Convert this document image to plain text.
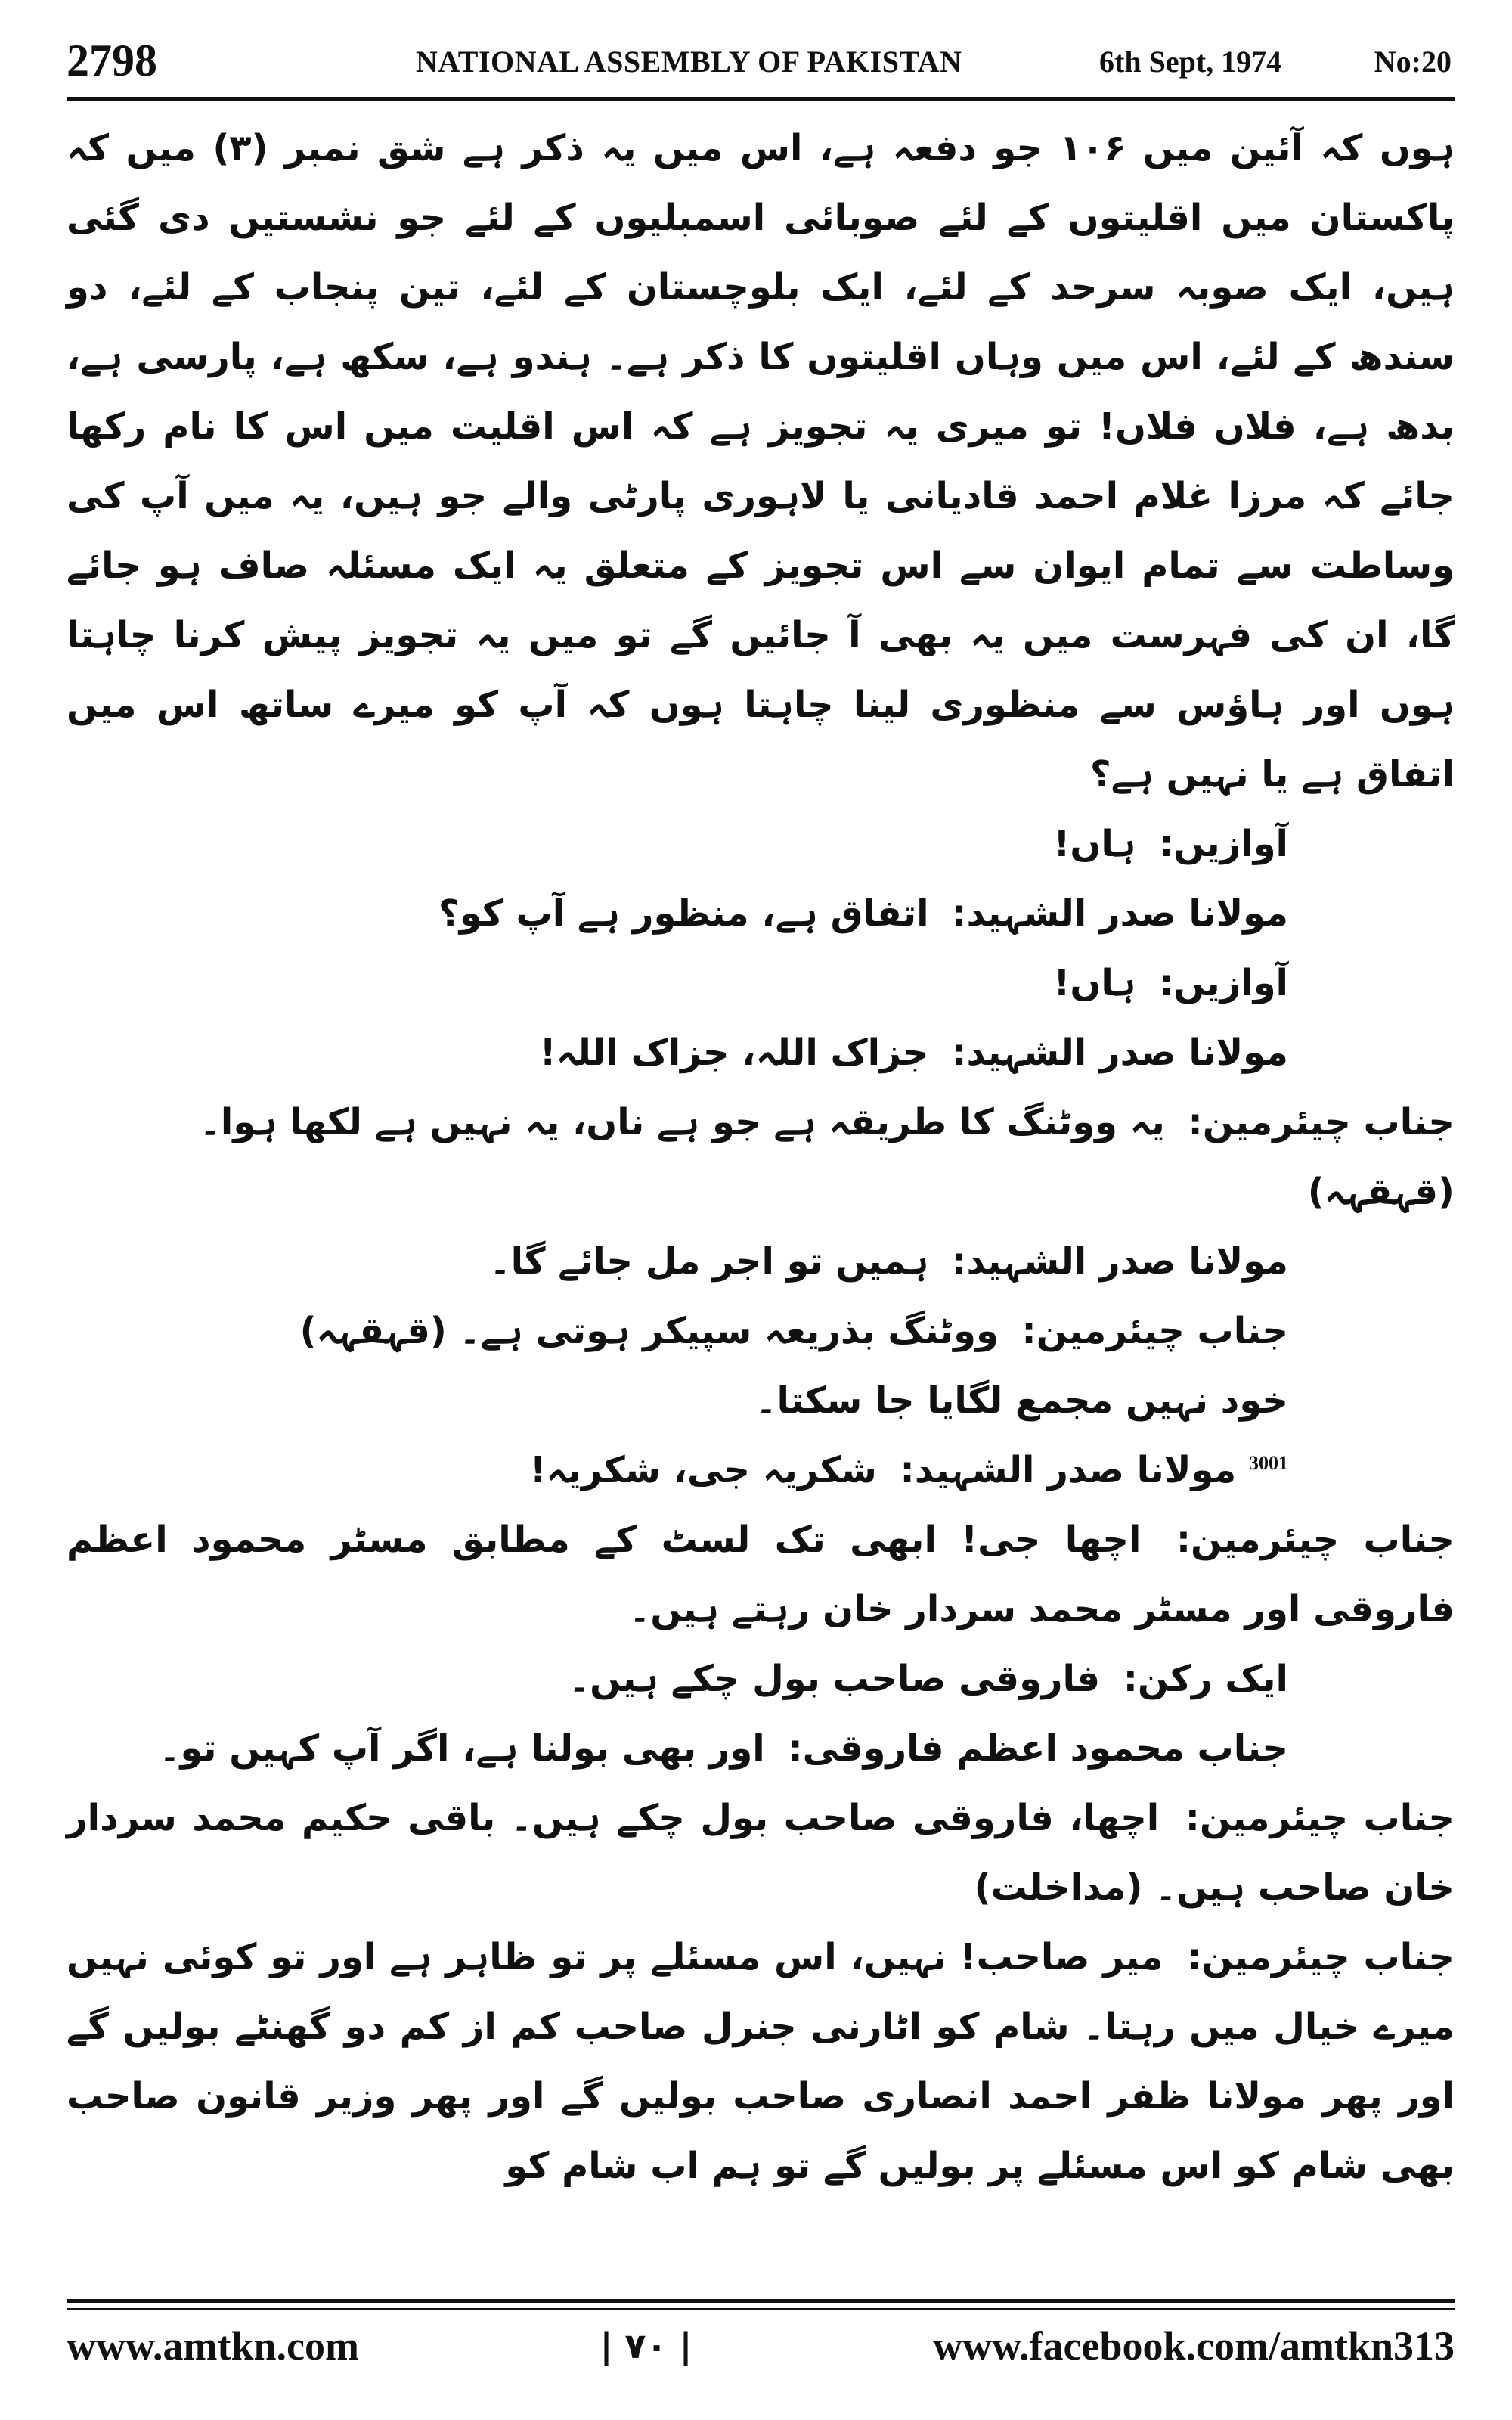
2798	NATIONAL ASSEMBLY OF PAKISTAN	6th Sept, 1974	No:20

ہوں کہ آئین میں ۱۰۶ جو دفعہ ہے، اس میں یہ ذکر ہے شق نمبر (۳) میں کہ پاکستان میں اقلیتوں کے لئے صوبائی اسمبلیوں کے لئے جو نشستیں دی گئی ہیں، ایک صوبہ سرحد کے لئے، ایک بلوچستان کے لئے، تین پنجاب کے لئے، دو سندھ کے لئے، اس میں وہاں اقلیتوں کا ذکر ہے۔ ہندو ہے، سکھ ہے، پارسی ہے، بدھ ہے، فلاں فلاں! تو میری یہ تجویز ہے کہ اس اقلیت میں اس کا نام رکھا جائے کہ مرزا غلام احمد قادیانی یا لاہوری پارٹی والے جو ہیں، یہ میں آپ کی وساطت سے تمام ایوان سے اس تجویز کے متعلق یہ ایک مسئلہ صاف ہو جائے گا، ان کی فہرست میں یہ بھی آ جائیں گے تو میں یہ تجویز پیش کرنا چاہتا ہوں اور ہاؤس سے منظوری لینا چاہتا ہوں کہ آپ کو میرے ساتھ اس میں اتفاق ہے یا نہیں ہے؟

آوازیں: ہاں!

مولانا صدر الشہید: اتفاق ہے، منظور ہے آپ کو؟

آوازیں: ہاں!

مولانا صدر الشہید: جزاک اللہ، جزاک اللہ!

جناب چیئرمین: یہ ووٹنگ کا طریقہ ہے جو ہے ناں، یہ نہیں ہے لکھا ہوا۔ (قہقہہ)

مولانا صدر الشہید: ہمیں تو اجر مل جائے گا۔

جناب چیئرمین: ووٹنگ بذریعہ سپیکر ہوتی ہے۔ (قہقہہ)

خود نہیں مجمع لگایا جا سکتا۔

$^{3001}$ مولانا صدر الشہید: شکریہ جی، شکریہ!

جناب چیئرمین: اچھا جی! ابھی تک لسٹ کے مطابق مسٹر محمود اعظم فاروقی اور مسٹر محمد سردار خان رہتے ہیں۔

ایک رکن: فاروقی صاحب بول چکے ہیں۔

جناب محمود اعظم فاروقی: اور بھی بولنا ہے، اگر آپ کہیں تو۔

جناب چیئرمین: اچھا، فاروقی صاحب بول چکے ہیں۔ باقی حکیم محمد سردار خان صاحب ہیں۔ (مداخلت)

جناب چیئرمین: میر صاحب! نہیں، اس مسئلے پر تو ظاہر ہے اور تو کوئی نہیں میرے خیال میں رہتا۔ شام کو اٹارنی جنرل صاحب کم از کم دو گھنٹے بولیں گے اور پھر مولانا ظفر احمد انصاری صاحب بولیں گے اور پھر وزیر قانون صاحب بھی شام کو اس مسئلے پر بولیں گے تو ہم اب شام کو

www.amtkn.com	| ۷۰ |	www.facebook.com/amtkn313
